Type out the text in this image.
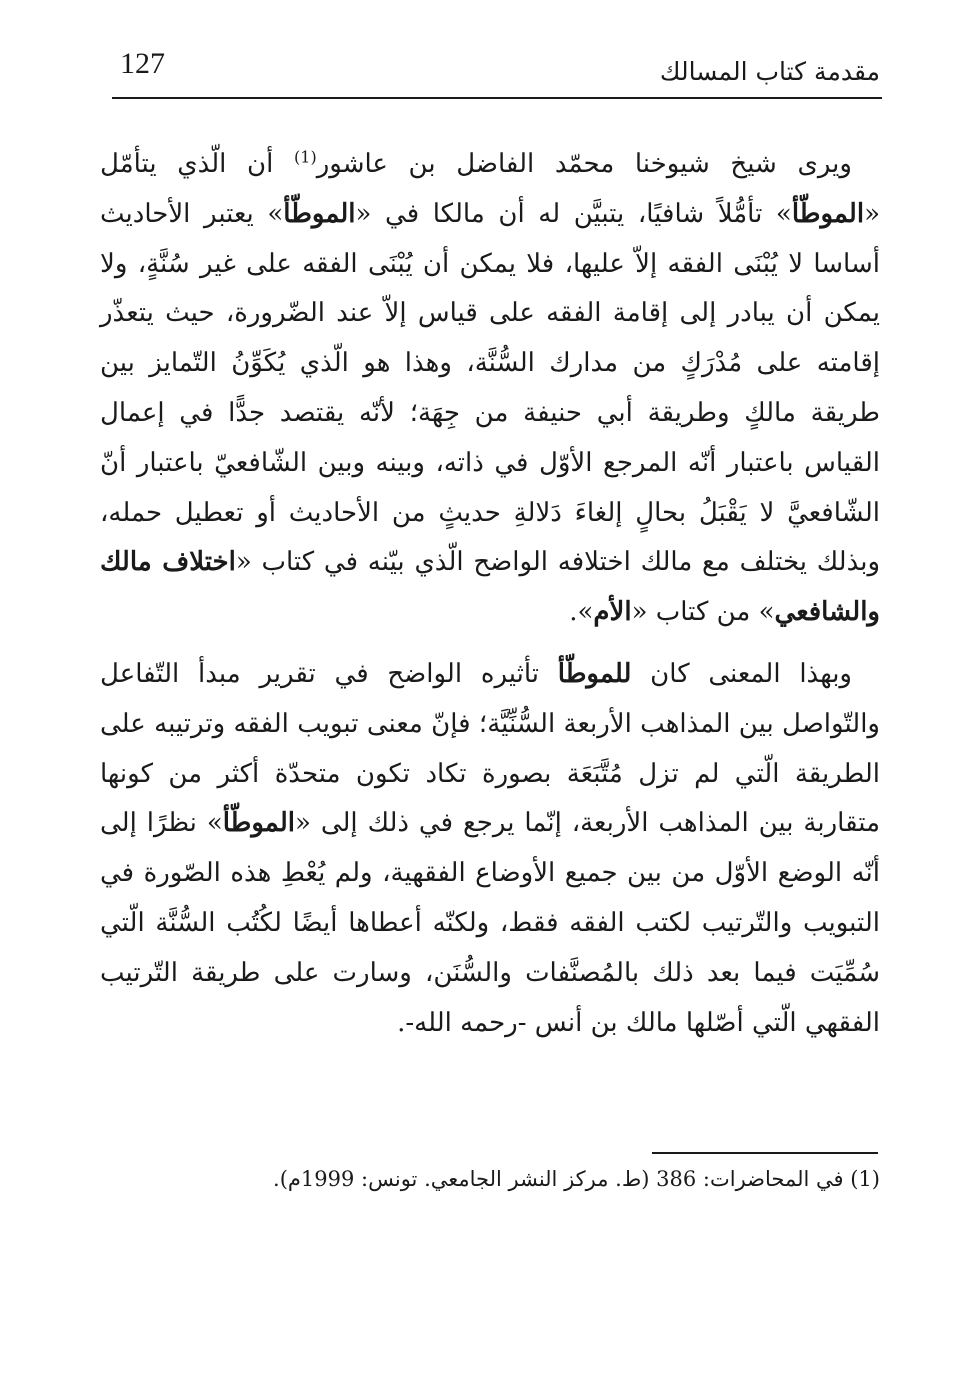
127	مقدمة كتاب المسالك

ويرى شيخ شيوخنا محمّد الفاضل بن عاشور$^{(1)}$ أن الّذي يتأمّل «الموطّأ» تأمُّلاً شافيًا، يتبيَّن له أن مالكا في «الموطّأ» يعتبر الأحاديث أساسا لا يُبْنَى الفقه إلاّ عليها، فلا يمكن أن يُبْنَى الفقه على غير سُنَّةٍ، ولا يمكن أن يبادر إلى إقامة الفقه على قياس إلاّ عند الضّرورة، حيث يتعذّر إقامته على مُدْرَكٍ من مدارك السُّنَّة، وهذا هو الّذي يُكَوِّنُ التّمايز بين طريقة مالكٍ وطريقة أبي حنيفة من جِهَة؛ لأنّه يقتصد جدًّا في إعمال القياس باعتبار أنّه المرجع الأوّل في ذاته، وبينه وبين الشّافعيّ باعتبار أنّ الشّافعيَّ لا يَقْبَلُ بحالٍ إلغاءَ دَلالةِ حديثٍ من الأحاديث أو تعطيل حمله، وبذلك يختلف مع مالك اختلافه الواضح الّذي بيّنه في كتاب «اختلاف مالك والشافعي» من كتاب «الأم».

وبهذا المعنى كان للموطّأ تأثيره الواضح في تقرير مبدأ التّفاعل والتّواصل بين المذاهب الأربعة السُّنِّيَّة؛ فإنّ معنى تبويب الفقه وترتيبه على الطريقة الّتي لم تزل مُتَّبَعَة بصورة تكاد تكون متحدّة أكثر من كونها متقاربة بين المذاهب الأربعة، إنّما يرجع في ذلك إلى «الموطّأ» نظرًا إلى أنّه الوضع الأوّل من بين جميع الأوضاع الفقهية، ولم يُعْطِ هذه الصّورة في التبويب والتّرتيب لكتب الفقه فقط، ولكنّه أعطاها أيضًا لكُتُب السُّنَّة الّتي سُمِّيَت فيما بعد ذلك بالمُصنَّفات والسُّنَن، وسارت على طريقة التّرتيب الفقهي الّتي أصّلها مالك بن أنس -رحمه الله-.

(1) في المحاضرات: 386 (ط. مركز النشر الجامعي. تونس: 1999م).
